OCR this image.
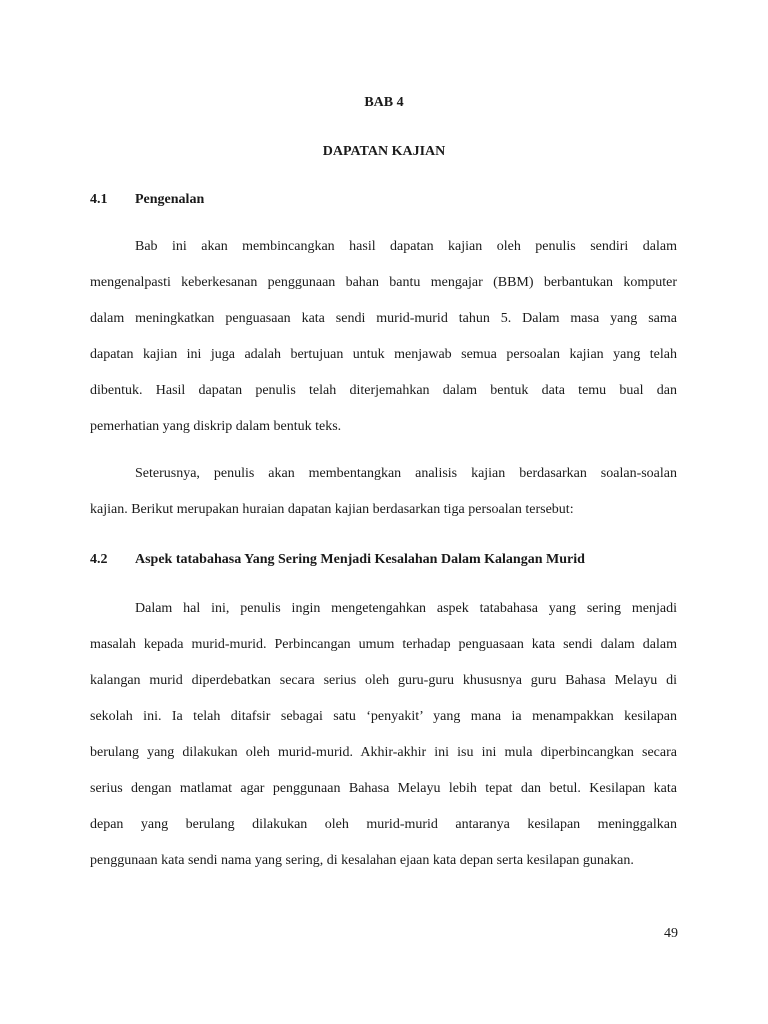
BAB 4
DAPATAN KAJIAN
4.1 Pengenalan
Bab ini akan membincangkan hasil dapatan kajian oleh penulis sendiri dalam
mengenalpasti keberkesanan penggunaan bahan bantu mengajar (BBM) berbantukan komputer
dalam meningkatkan penguasaan kata sendi murid-murid tahun 5. Dalam masa yang sama
dapatan kajian ini juga adalah bertujuan untuk menjawab semua persoalan kajian yang telah
dibentuk. Hasil dapatan penulis telah diterjemahkan dalam bentuk data temu bual dan
pemerhatian yang diskrip dalam bentuk teks.
Seterusnya, penulis akan membentangkan analisis kajian berdasarkan soalan-soalan
kajian. Berikut merupakan huraian dapatan kajian berdasarkan tiga persoalan tersebut:
4.2 Aspek tatabahasa Yang Sering Menjadi Kesalahan Dalam Kalangan Murid
Dalam hal ini, penulis ingin mengetengahkan aspek tatabahasa yang sering menjadi
masalah kepada murid-murid. Perbincangan umum terhadap penguasaan kata sendi dalam dalam
kalangan murid diperdebatkan secara serius oleh guru-guru khususnya guru Bahasa Melayu di
sekolah ini. Ia telah ditafsir sebagai satu ‘penyakit’ yang mana ia menampakkan kesilapan
berulang yang dilakukan oleh murid-murid. Akhir-akhir ini isu ini mula diperbincangkan secara
serius dengan matlamat agar penggunaan Bahasa Melayu lebih tepat dan betul. Kesilapan kata
depan yang berulang dilakukan oleh murid-murid antaranya kesilapan meninggalkan
penggunaan kata sendi nama yang sering, di kesalahan ejaan kata depan serta kesilapan gunakan.
49
